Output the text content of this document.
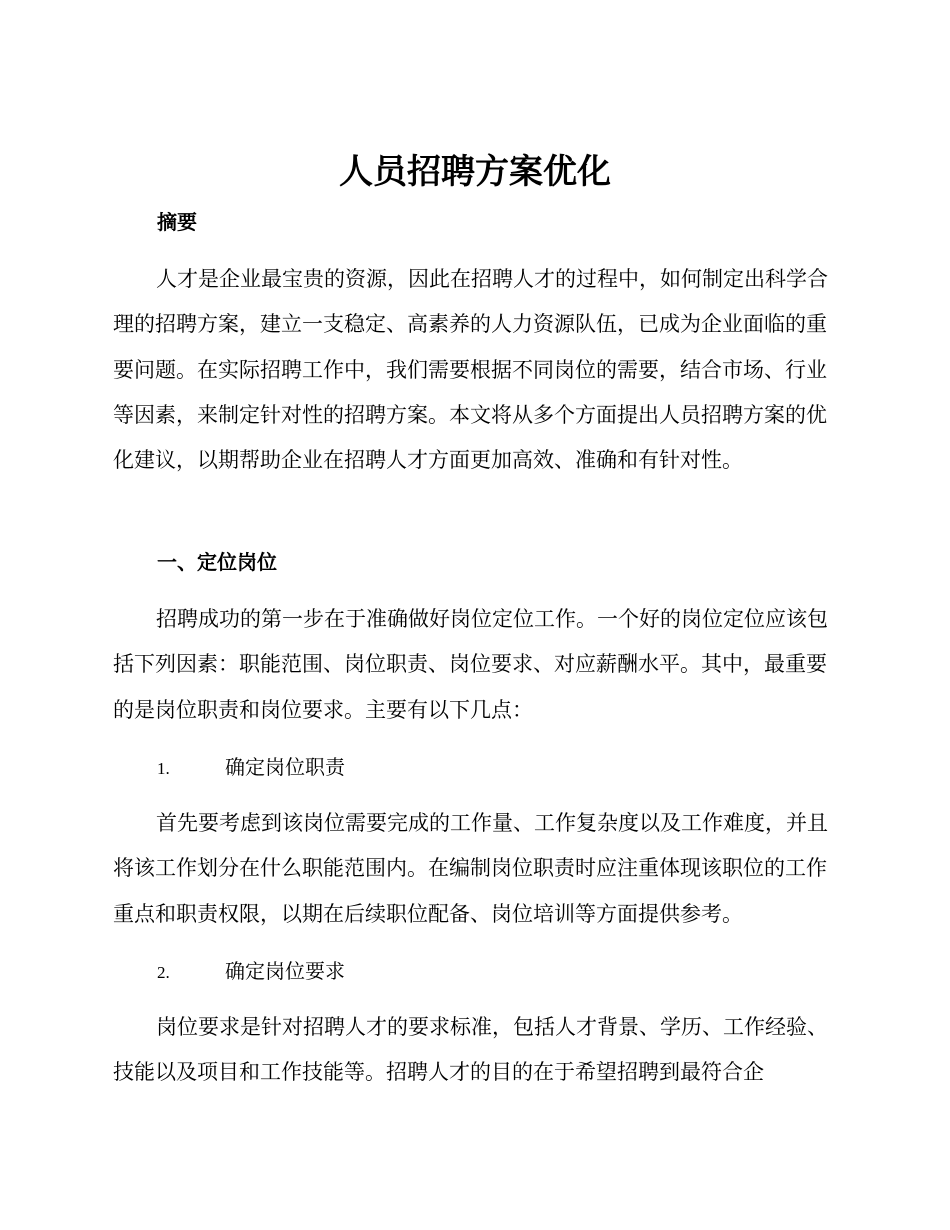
人员招聘方案优化
摘要
人才是企业最宝贵的资源，因此在招聘人才的过程中，如何制定出科学合理的招聘方案，建立一支稳定、高素养的人力资源队伍，已成为企业面临的重要问题。在实际招聘工作中，我们需要根据不同岗位的需要，结合市场、行业等因素，来制定针对性的招聘方案。本文将从多个方面提出人员招聘方案的优化建议，以期帮助企业在招聘人才方面更加高效、准确和有针对性。
一、定位岗位
招聘成功的第一步在于准确做好岗位定位工作。一个好的岗位定位应该包括下列因素：职能范围、岗位职责、岗位要求、对应薪酬水平。其中，最重要的是岗位职责和岗位要求。主要有以下几点：
1.	确定岗位职责
首先要考虑到该岗位需要完成的工作量、工作复杂度以及工作难度，并且将该工作划分在什么职能范围内。在编制岗位职责时应注重体现该职位的工作重点和职责权限，以期在后续职位配备、岗位培训等方面提供参考。
2.	确定岗位要求
岗位要求是针对招聘人才的要求标准，包括人才背景、学历、工作经验、技能以及项目和工作技能等。招聘人才的目的在于希望招聘到最符合企
